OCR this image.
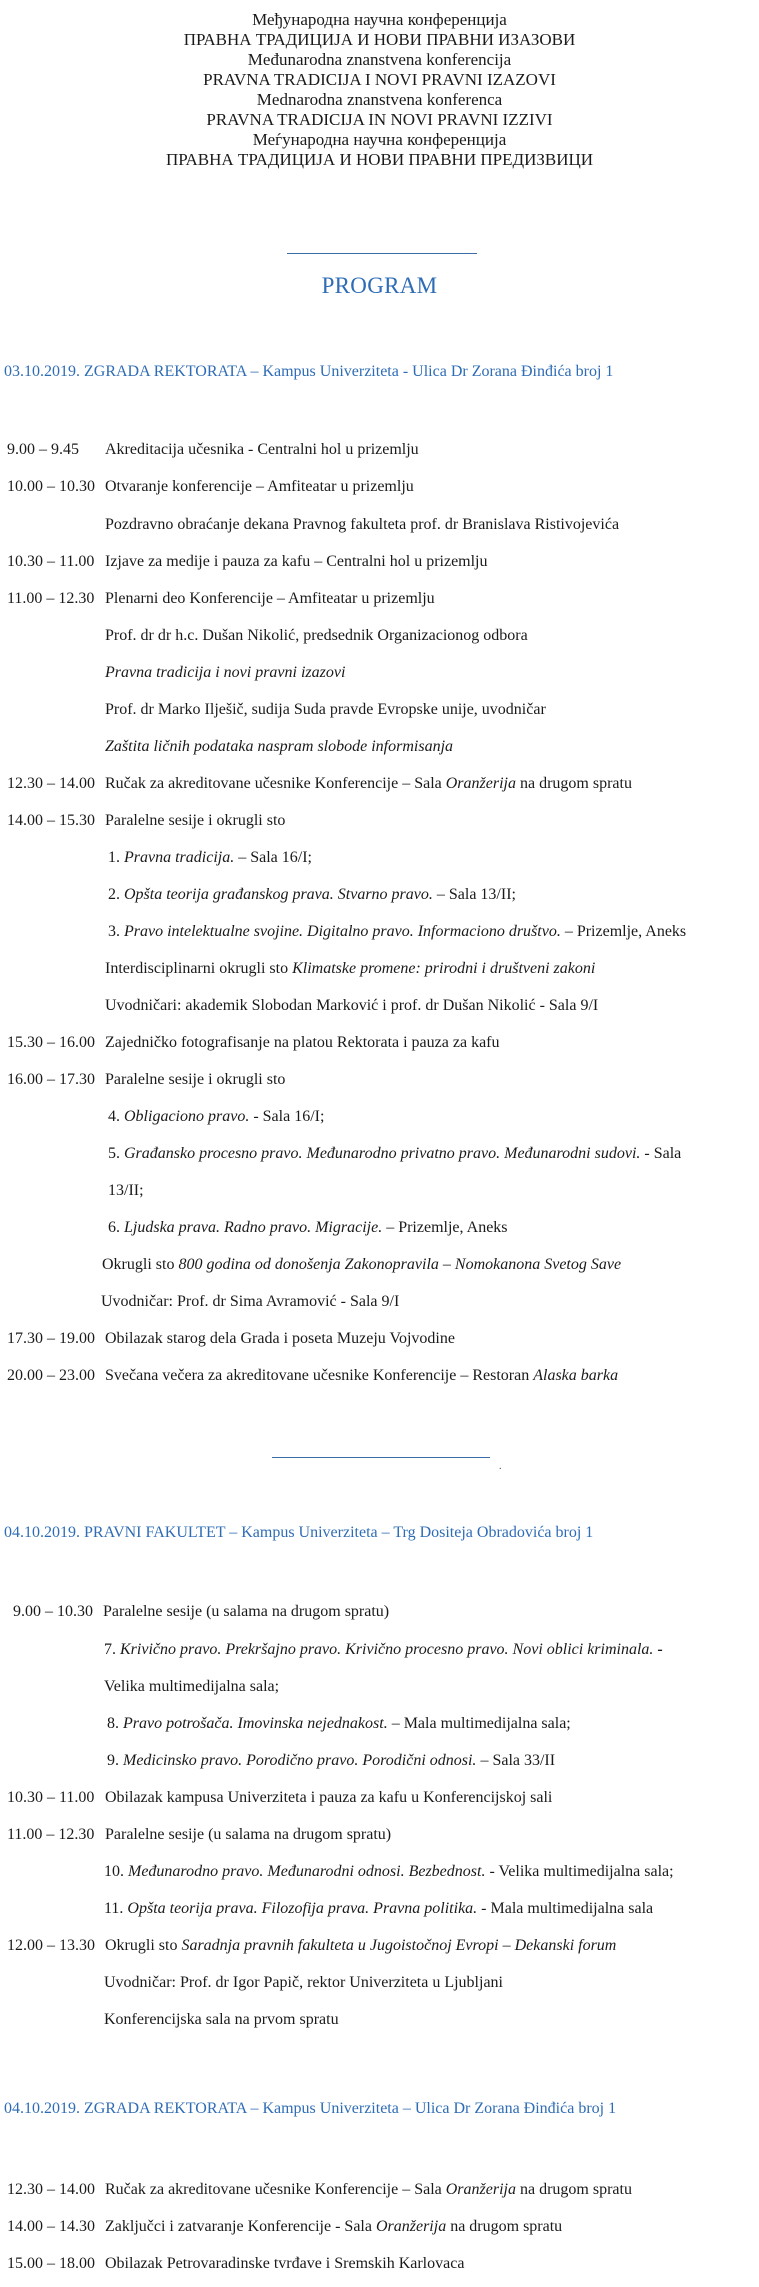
Међународна научна конференција
ПРАВНА ТРАДИЦИЈА И НОВИ ПРАВНИ ИЗАЗОВИ
Međunarodna znanstvena konferencija
PRAVNA TRADICIJA I NOVI PRAVNI IZAZOVI
Mednarodna znanstvena konferenca
PRAVNA TRADICIJA IN NOVI PRAVNI IZZIVI
Меѓународна научна конференција
ПРАВНА ТРАДИЦИЈА И НОВИ ПРАВНИ ПРЕДИЗВИЦИ
PROGRAM
03.10.2019. ZGRADA REKTORATA – Kampus Univerziteta - Ulica Dr Zorana Đinđića broj 1
9.00 – 9.45 Akreditacija učesnika - Centralni hol u prizemlju
10.00 – 10.30 Otvaranje konferencije – Amfiteatar u prizemlju
Pozdravno obraćanje dekana Pravnog fakulteta prof. dr Branislava Ristivojevića
10.30 – 11.00 Izjave za medije i pauza za kafu – Centralni hol u prizemlju
11.00 – 12.30 Plenarni deo Konferencije – Amfiteatar u prizemlju
Prof. dr dr h.c. Dušan Nikolić, predsednik Organizacionog odbora
Pravna tradicija i novi pravni izazovi
Prof. dr Marko Ilješič, sudija Suda pravde Evropske unije, uvodničar
Zaštita ličnih podataka naspram slobode informisanja
12.30 – 14.00 Ručak za akreditovane učesnike Konferencije – Sala Oranžerija na drugom spratu
14.00 – 15.30 Paralelne sesije i okrugli sto
1. Pravna tradicija. – Sala 16/I;
2. Opšta teorija građanskog prava. Stvarno pravo. – Sala 13/II;
3. Pravo intelektualne svojine. Digitalno pravo. Informaciono društvo. – Prizemlje, Aneks
Interdisciplinarni okrugli sto Klimatske promene: prirodni i društveni zakoni
Uvodničari: akademik Slobodan Marković i prof. dr Dušan Nikolić - Sala 9/I
15.30 – 16.00 Zajedničko fotografisanje na platou Rektorata i pauza za kafu
16.00 – 17.30 Paralelne sesije i okrugli sto
4. Obligaciono pravo. - Sala 16/I;
5. Građansko procesno pravo. Međunarodno privatno pravo. Međunarodni sudovi. - Sala
13/II;
6. Ljudska prava. Radno pravo. Migracije. – Prizemlje, Aneks
Okrugli sto 800 godina od donošenja Zakonopravila – Nomokanona Svetog Save
Uvodničar: Prof. dr Sima Avramović - Sala 9/I
17.30 – 19.00 Obilazak starog dela Grada i poseta Muzeju Vojvodine
20.00 – 23.00 Svečana večera za akreditovane učesnike Konferencije – Restoran Alaska barka
.
04.10.2019. PRAVNI FAKULTET – Kampus Univerziteta – Trg Dositeja Obradovića broj 1
9.00 – 10.30 Paralelne sesije (u salama na drugom spratu)
7. Krivično pravo. Prekršajno pravo. Krivično procesno pravo. Novi oblici kriminala. -
Velika multimedijalna sala;
8. Pravo potrošača. Imovinska nejednakost. – Mala multimedijalna sala;
9. Medicinsko pravo. Porodično pravo. Porodični odnosi. – Sala 33/II
10.30 – 11.00 Obilazak kampusa Univerziteta i pauza za kafu u Konferencijskoj sali
11.00 – 12.30 Paralelne sesije (u salama na drugom spratu)
10. Međunarodno pravo. Međunarodni odnosi. Bezbednost. - Velika multimedijalna sala;
11. Opšta teorija prava. Filozofija prava. Pravna politika. - Mala multimedijalna sala
12.00 – 13.30 Okrugli sto Saradnja pravnih fakulteta u Jugoistočnoj Evropi – Dekanski forum
Uvodničar: Prof. dr Igor Papič, rektor Univerziteta u Ljubljani
Konferencijska sala na prvom spratu
04.10.2019. ZGRADA REKTORATA – Kampus Univerziteta – Ulica Dr Zorana Đinđića broj 1
12.30 – 14.00 Ručak za akreditovane učesnike Konferencije – Sala Oranžerija na drugom spratu
14.00 – 14.30 Zaključci i zatvaranje Konferencije - Sala Oranžerija na drugom spratu
15.00 – 18.00 Obilazak Petrovaradinske tvrđave i Sremskih Karlovaca
